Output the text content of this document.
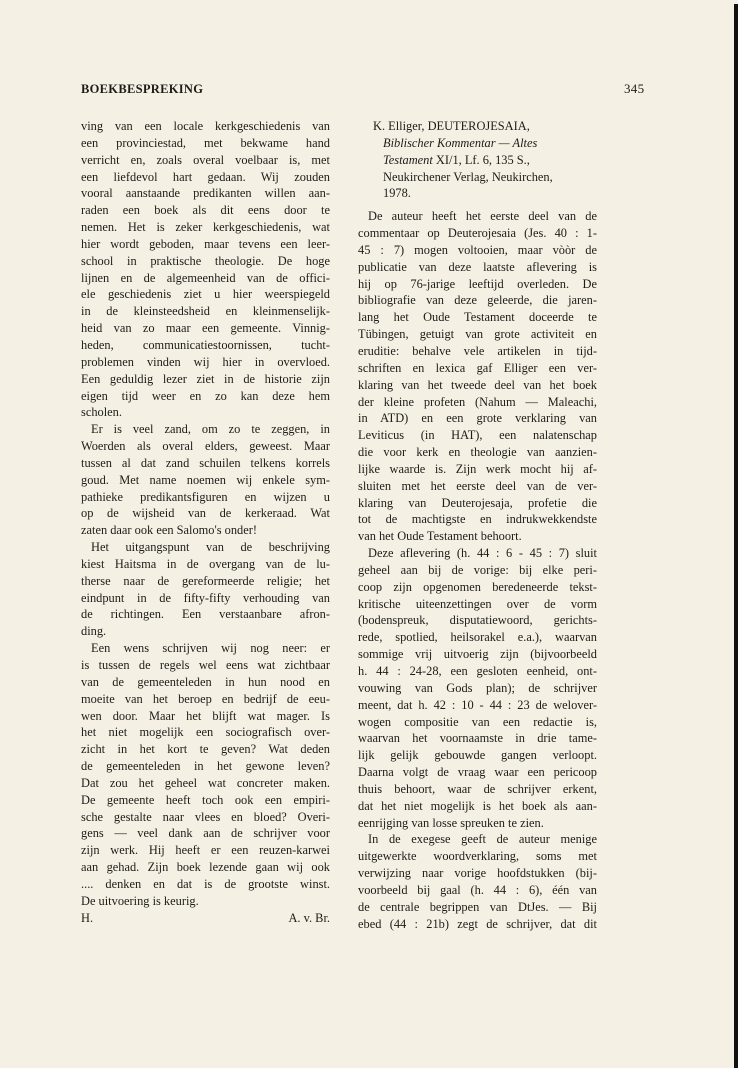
BOEKBESPREKING	345
ving van een locale kerkgeschiedenis van
een provinciestad, met bekwame hand
verricht en, zoals overal voelbaar is, met
een liefdevol hart gedaan. Wij zouden
vooral aanstaande predikanten willen aan-
raden een boek als dit eens door te
nemen. Het is zeker kerkgeschiedenis, wat
hier wordt geboden, maar tevens een leer-
school in praktische theologie. De hoge
lijnen en de algemeenheid van de offici-
ele geschiedenis ziet u hier weerspiegeld
in de kleinsteedsheid en kleinmenselijk-
heid van zo maar een gemeente. Vinnig-
heden, communicatiestoornissen, tucht-
problemen vinden wij hier in overvloed.
Een geduldig lezer ziet in de historie zijn
eigen tijd weer en zo kan deze hem
scholen.
Er is veel zand, om zo te zeggen, in
Woerden als overal elders, geweest. Maar
tussen al dat zand schuilen telkens korrels
goud. Met name noemen wij enkele sym-
pathieke predikantsfiguren en wijzen u
op de wijsheid van de kerkeraad. Wat
zaten daar ook een Salomo's onder!
Het uitgangspunt van de beschrijving
kiest Haitsma in de overgang van de lu-
therse naar de gereformeerde religie; het
eindpunt in de fifty-fifty verhouding van
de richtingen. Een verstaanbare afron-
ding.
Een wens schrijven wij nog neer: er
is tussen de regels wel eens wat zichtbaar
van de gemeenteleden in hun nood en
moeite van het beroep en bedrijf de eeu-
wen door. Maar het blijft wat mager. Is
het niet mogelijk een sociografisch over-
zicht in het kort te geven? Wat deden
de gemeenteleden in het gewone leven?
Dat zou het geheel wat concreter maken.
De gemeente heeft toch ook een empiri-
sche gestalte naar vlees en bloed? Overi-
gens — veel dank aan de schrijver voor
zijn werk. Hij heeft er een reuzen-karwei
aan gehad. Zijn boek lezende gaan wij ook
.... denken en dat is de grootste winst.
De uitvoering is keurig.
H.	A. v. Br.
K. Elliger, DEUTEROJESAIA,
Biblischer Kommentar — Altes
Testament XI/1, Lf. 6, 135 S.,
Neukirchener Verlag, Neukirchen,
1978.
De auteur heeft het eerste deel van de
commentaar op Deuterojesaia (Jes. 40 : 1-
45 : 7) mogen voltooien, maar vòòr de
publicatie van deze laatste aflevering is
hij op 76-jarige leeftijd overleden. De
bibliografie van deze geleerde, die jaren-
lang het Oude Testament doceerde te
Tübingen, getuigt van grote activiteit en
eruditie: behalve vele artikelen in tijd-
schriften en lexica gaf Elliger een ver-
klaring van het tweede deel van het boek
der kleine profeten (Nahum — Maleachi,
in ATD) en een grote verklaring van
Leviticus (in HAT), een nalatenschap
die voor kerk en theologie van aanzien-
lijke waarde is. Zijn werk mocht hij af-
sluiten met het eerste deel van de ver-
klaring van Deuterojesaja, profetie die
tot de machtigste en indrukwekkendste
van het Oude Testament behoort.
Deze aflevering (h. 44 : 6 - 45 : 7) sluit
geheel aan bij de vorige: bij elke peri-
coop zijn opgenomen beredeneerde tekst-
kritische uiteenzettingen over de vorm
(bodenspreuk, disputatiewoord, gerichts-
rede, spotlied, heilsorakel e.a.), waarvan
sommige vrij uitvoerig zijn (bijvoorbeeld
h. 44 : 24-28, een gesloten eenheid, ont-
vouwing van Gods plan); de schrijver
meent, dat h. 42 : 10 - 44 : 23 de welover-
wogen compositie van een redactie is,
waarvan het voornaamste in drie tame-
lijk gelijk gebouwde gangen verloopt.
Daarna volgt de vraag waar een pericoop
thuis behoort, waar de schrijver erkent,
dat het niet mogelijk is het boek als aan-
eenrijging van losse spreuken te zien.
In de exegese geeft de auteur menige
uitgewerkte woordverklaring, soms met
verwijzing naar vorige hoofdstukken (bij-
voorbeeld bij gaal (h. 44 : 6), één van
de centrale begrippen van DtJes. — Bij
ebed (44 : 21b) zegt de schrijver, dat dit
